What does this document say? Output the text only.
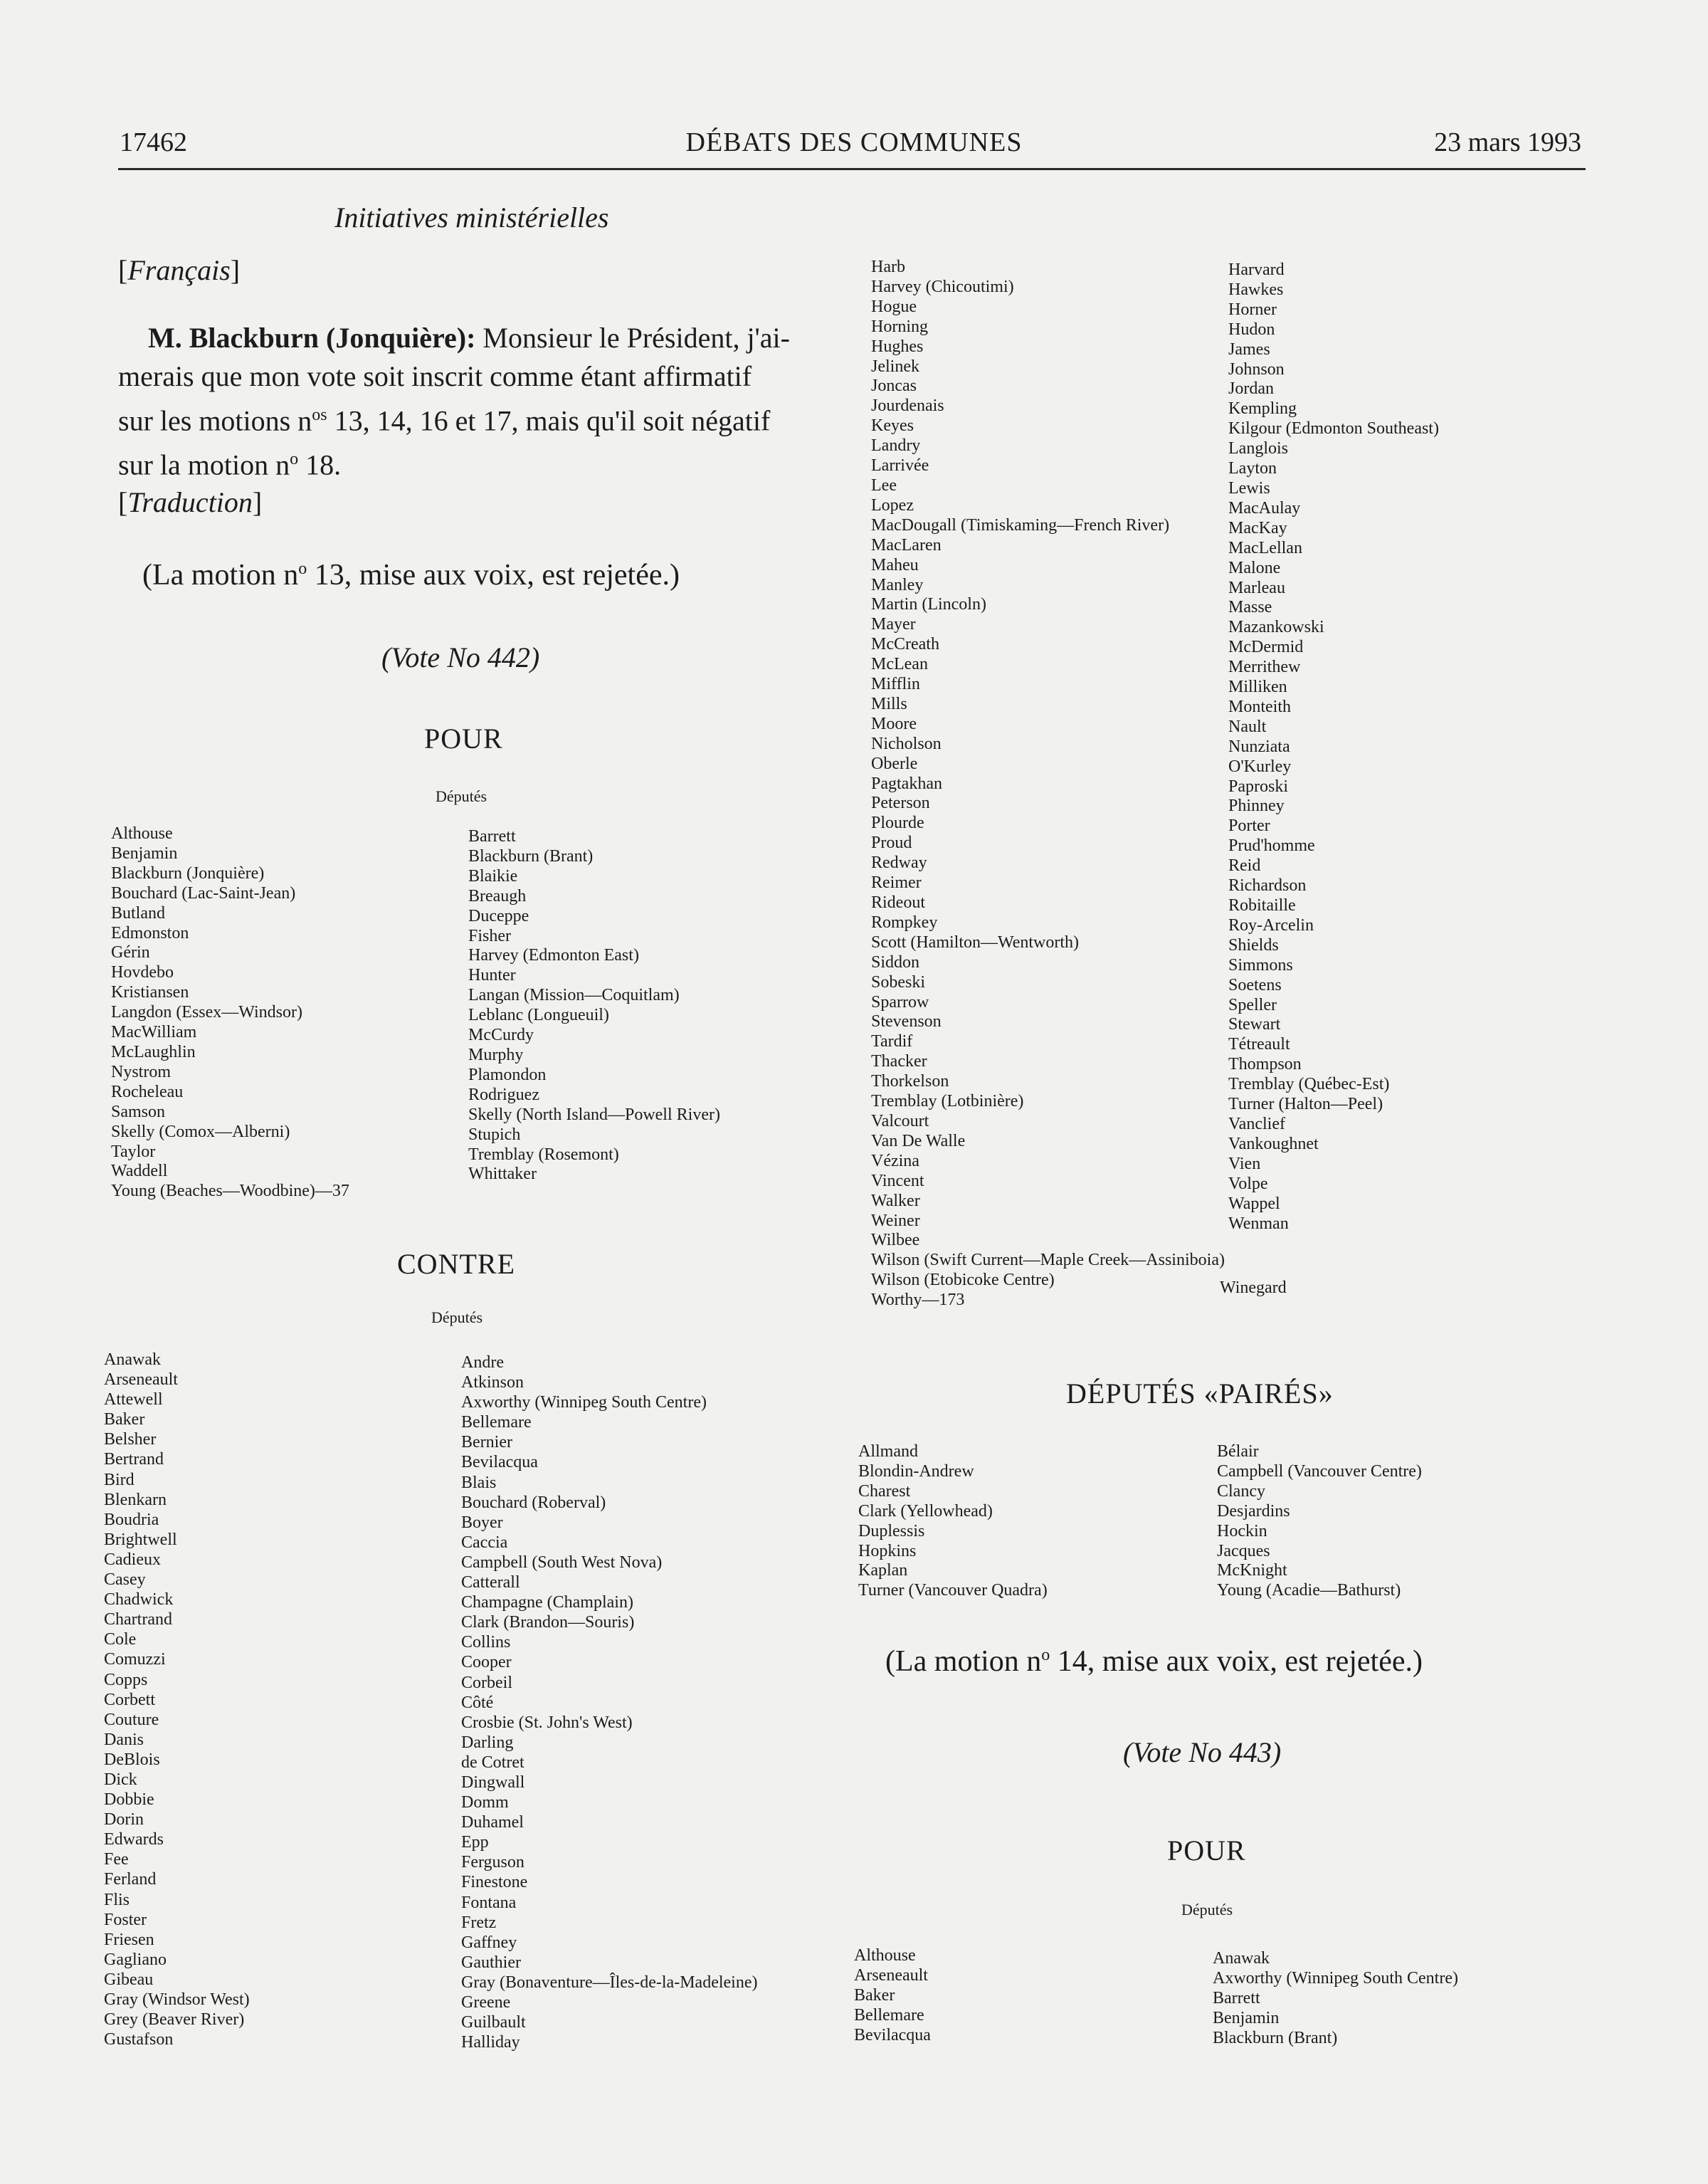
17462	DÉBATS DES COMMUNES	23 mars 1993
Initiatives ministérielles
[Français]
M. Blackburn (Jonquière): Monsieur le Président, j'ai-
merais que mon vote soit inscrit comme étant affirmatif
sur les motions $n^{os}$ 13, 14, 16 et 17, mais qu'il soit négatif
sur la motion $n^o$ 18.
[Traduction]
(La motion $n^o$ 13, mise aux voix, est rejetée.)
(Vote No 442)
POUR
Députés
Althouse
Benjamin
Blackburn (Jonquière)
Bouchard (Lac-Saint-Jean)
Butland
Edmonston
Gérin
Hovdebo
Kristiansen
Langdon (Essex—Windsor)
MacWilliam
McLaughlin
Nystrom
Rocheleau
Samson
Skelly (Comox—Alberni)
Taylor
Waddell
Young (Beaches—Woodbine)—37
Barrett
Blackburn (Brant)
Blaikie
Breaugh
Duceppe
Fisher
Harvey (Edmonton East)
Hunter
Langan (Mission—Coquitlam)
Leblanc (Longueuil)
McCurdy
Murphy
Plamondon
Rodriguez
Skelly (North Island—Powell River)
Stupich
Tremblay (Rosemont)
Whittaker
CONTRE
Députés
Anawak
Arseneault
Attewell
Baker
Belsher
Bertrand
Bird
Blenkarn
Boudria
Brightwell
Cadieux
Casey
Chadwick
Chartrand
Cole
Comuzzi
Copps
Corbett
Couture
Danis
DeBlois
Dick
Dobbie
Dorin
Edwards
Fee
Ferland
Flis
Foster
Friesen
Gagliano
Gibeau
Gray (Windsor West)
Grey (Beaver River)
Gustafson
Andre
Atkinson
Axworthy (Winnipeg South Centre)
Bellemare
Bernier
Bevilacqua
Blais
Bouchard (Roberval)
Boyer
Caccia
Campbell (South West Nova)
Catterall
Champagne (Champlain)
Clark (Brandon—Souris)
Collins
Cooper
Corbeil
Côté
Crosbie (St. John's West)
Darling
de Cotret
Dingwall
Domm
Duhamel
Epp
Ferguson
Finestone
Fontana
Fretz
Gaffney
Gauthier
Gray (Bonaventure—Îles-de-la-Madeleine)
Greene
Guilbault
Halliday
Harb
Harvey (Chicoutimi)
Hogue
Horning
Hughes
Jelinek
Joncas
Jourdenais
Keyes
Landry
Larrivée
Lee
Lopez
MacDougall (Timiskaming—French River)
MacLaren
Maheu
Manley
Martin (Lincoln)
Mayer
McCreath
McLean
Mifflin
Mills
Moore
Nicholson
Oberle
Pagtakhan
Peterson
Plourde
Proud
Redway
Reimer
Rideout
Rompkey
Scott (Hamilton—Wentworth)
Siddon
Sobeski
Sparrow
Stevenson
Tardif
Thacker
Thorkelson
Tremblay (Lotbinière)
Valcourt
Van De Walle
Vézina
Vincent
Walker
Weiner
Wilbee
Wilson (Swift Current—Maple Creek—Assiniboia)
Wilson (Etobicoke Centre)
Worthy—173
Harvard
Hawkes
Horner
Hudon
James
Johnson
Jordan
Kempling
Kilgour (Edmonton Southeast)
Langlois
Layton
Lewis
MacAulay
MacKay
MacLellan
Malone
Marleau
Masse
Mazankowski
McDermid
Merrithew
Milliken
Monteith
Nault
Nunziata
O'Kurley
Paproski
Phinney
Porter
Prud'homme
Reid
Richardson
Robitaille
Roy-Arcelin
Shields
Simmons
Soetens
Speller
Stewart
Tétreault
Thompson
Tremblay (Québec-Est)
Turner (Halton—Peel)
Vanclief
Vankoughnet
Vien
Volpe
Wappel
Wenman
Winegard
DÉPUTÉS «PAIRÉS»
Allmand
Blondin-Andrew
Charest
Clark (Yellowhead)
Duplessis
Hopkins
Kaplan
Turner (Vancouver Quadra)
Bélair
Campbell (Vancouver Centre)
Clancy
Desjardins
Hockin
Jacques
McKnight
Young (Acadie—Bathurst)
(La motion $n^o$ 14, mise aux voix, est rejetée.)
(Vote No 443)
POUR
Députés
Althouse
Arseneault
Baker
Bellemare
Bevilacqua
Anawak
Axworthy (Winnipeg South Centre)
Barrett
Benjamin
Blackburn (Brant)
